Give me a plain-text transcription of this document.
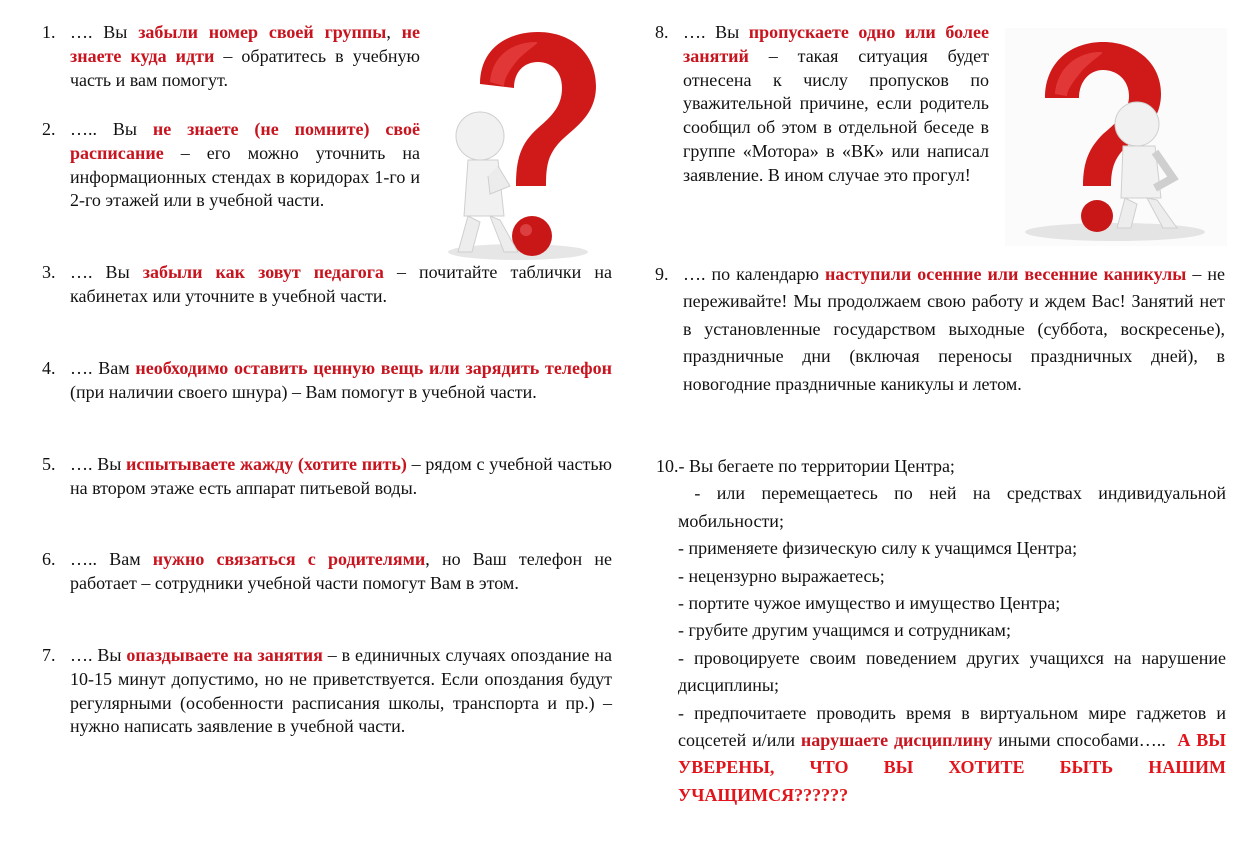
1. …. Вы забыли номер своей группы, не знаете куда идти – обратитесь в учебную часть и вам помогут.
2. ….. Вы не знаете (не помните) своё расписание – его можно уточнить на информационных стендах в коридорах 1-го и 2-го этажей или в учебной части.
3. …. Вы забыли как зовут педагога – почитайте таблички на кабинетах или уточните в учебной части.
4. …. Вам необходимо оставить ценную вещь или зарядить телефон (при наличии своего шнура) – Вам помогут в учебной части.
5. …. Вы испытываете жажду (хотите пить) – рядом с учебной частью на втором этаже есть аппарат питьевой воды.
6. ….. Вам нужно связаться с родителями, но Ваш телефон не работает – сотрудники учебной части помогут Вам в этом.
7. …. Вы опаздываете на занятия – в единичных случаях опоздание на 10-15 минут допустимо, но не приветствуется. Если опоздания будут регулярными (особенности расписания школы, транспорта и пр.) – нужно написать заявление в учебной части.
8. …. Вы пропускаете одно или более занятий – такая ситуация будет отнесена к числу пропусков по уважительной причине, если родитель сообщил об этом в отдельной беседе в группе «Мотора» в «ВК» или написал заявление. В ином случае это прогул!
9. …. по календарю наступили осенние или весенние каникулы – не переживайте! Мы продолжаем свою работу и ждем Вас! Занятий нет в установленные государством выходные (суббота, воскресенье), праздничные дни (включая переносы праздничных дней), в новогодние праздничные каникулы и летом.
10.- Вы бегаете по территории Центра;
- или перемещаетесь по ней на средствах индивидуальной мобильности;
- применяете физическую силу к учащимся Центра;
- нецензурно выражаетесь;
- портите чужое имущество и имущество Центра;
- грубите другим учащимся и сотрудникам;
- провоцируете своим поведением других учащихся на нарушение дисциплины;
- предпочитаете проводить время в виртуальном мире гаджетов и соцсетей и/или нарушаете дисциплину иными способами…..  А ВЫ УВЕРЕНЫ, ЧТО ВЫ ХОТИТЕ БЫТЬ НАШИМ УЧАЩИМСЯ??????
